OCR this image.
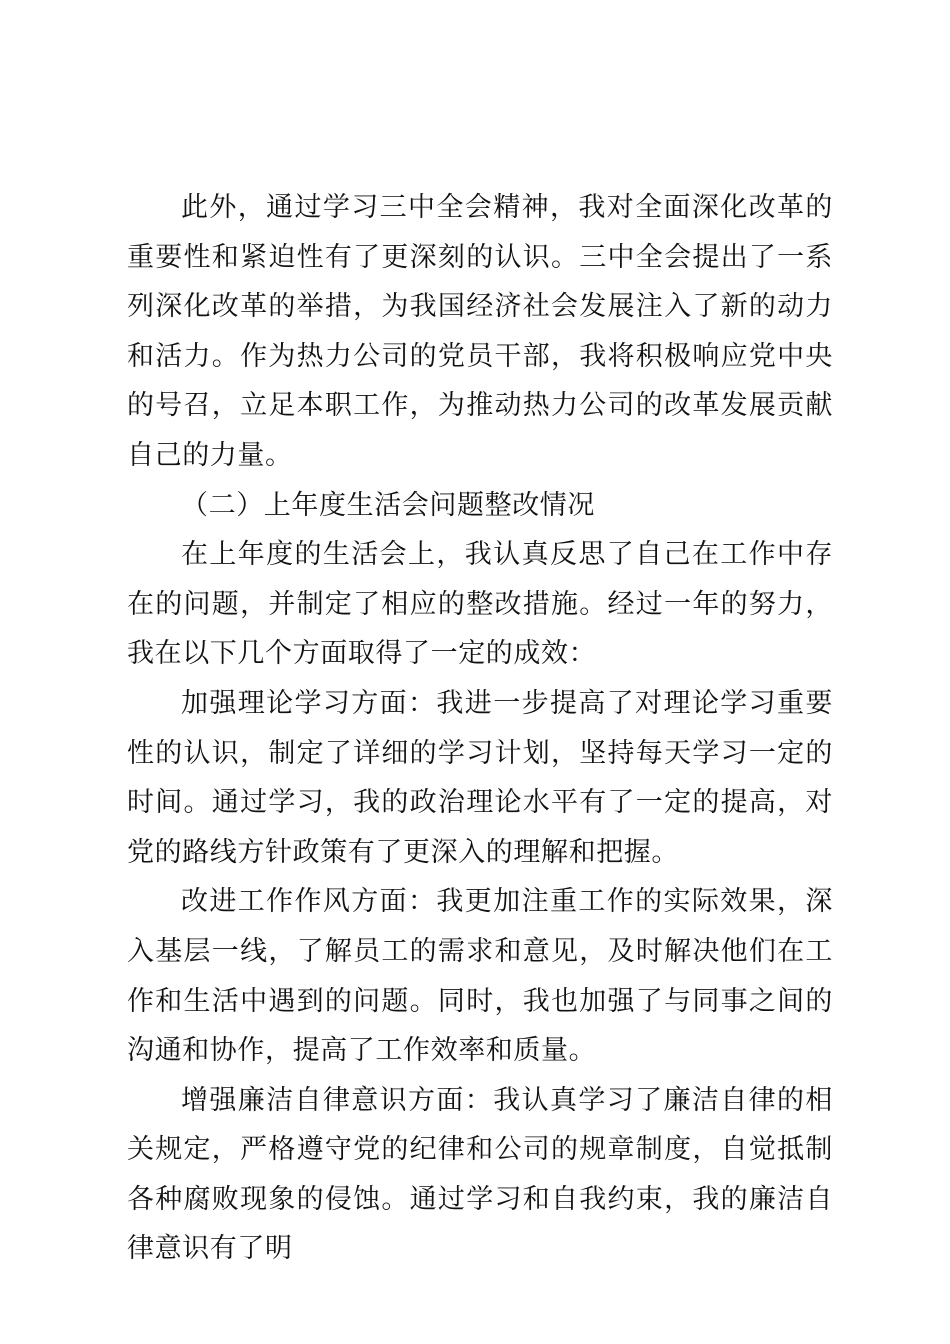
此外，通过学习三中全会精神，我对全面深化改革的重要性和紧迫性有了更深刻的认识。三中全会提出了一系列深化改革的举措，为我国经济社会发展注入了新的动力和活力。作为热力公司的党员干部，我将积极响应党中央的号召，立足本职工作，为推动热力公司的改革发展贡献自己的力量。

（二）上年度生活会问题整改情况

在上年度的生活会上，我认真反思了自己在工作中存在的问题，并制定了相应的整改措施。经过一年的努力，我在以下几个方面取得了一定的成效：

加强理论学习方面：我进一步提高了对理论学习重要性的认识，制定了详细的学习计划，坚持每天学习一定的时间。通过学习，我的政治理论水平有了一定的提高，对党的路线方针政策有了更深入的理解和把握。

改进工作作风方面：我更加注重工作的实际效果，深入基层一线，了解员工的需求和意见，及时解决他们在工作和生活中遇到的问题。同时，我也加强了与同事之间的沟通和协作，提高了工作效率和质量。

增强廉洁自律意识方面：我认真学习了廉洁自律的相关规定，严格遵守党的纪律和公司的规章制度，自觉抵制各种腐败现象的侵蚀。通过学习和自我约束，我的廉洁自律意识有了明
